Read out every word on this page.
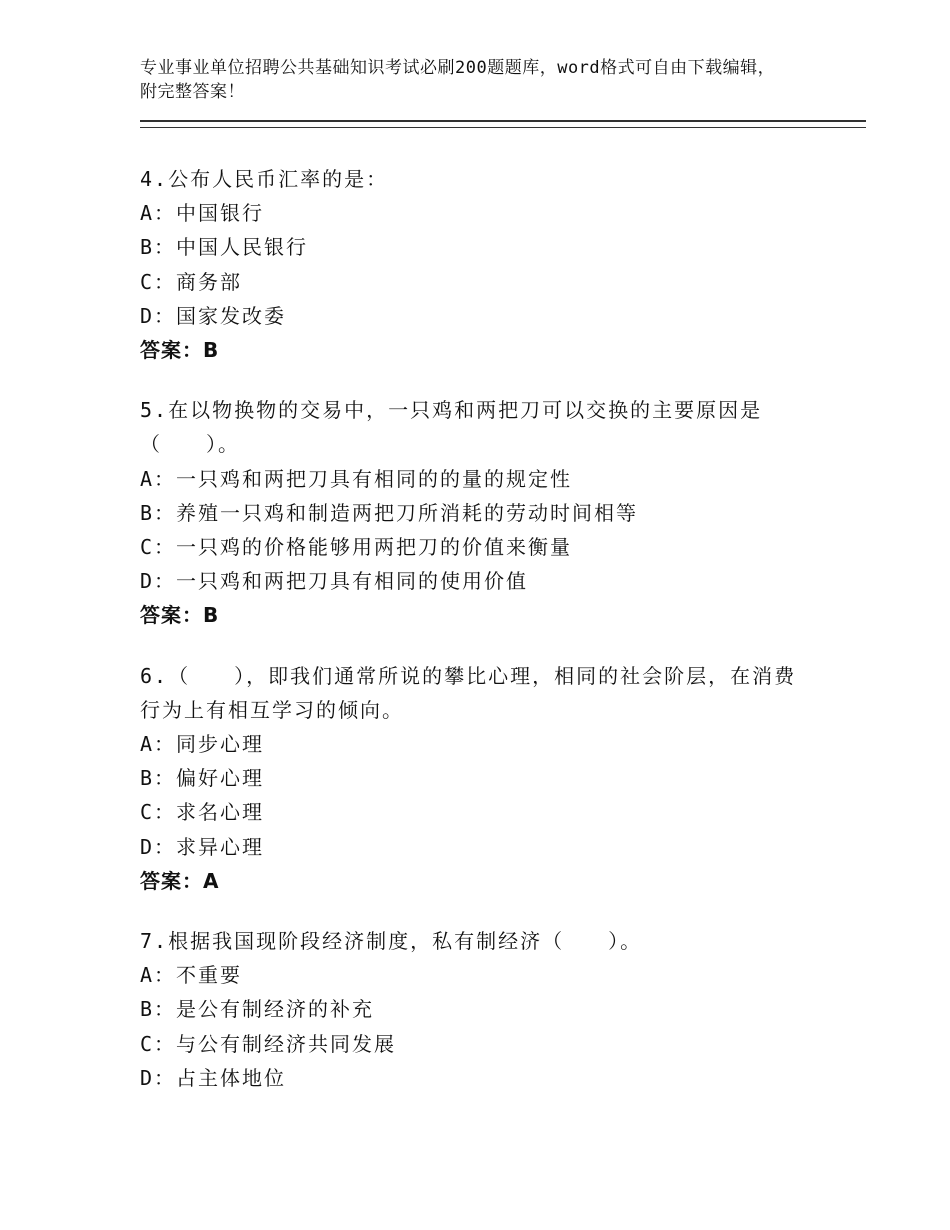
专业事业单位招聘公共基础知识考试必刷200题题库，word格式可自由下载编辑，附完整答案！

4.公布人民币汇率的是：

A：中国银行

B：中国人民银行

C：商务部

D：国家发改委

答案：B

5.在以物换物的交易中，一只鸡和两把刀可以交换的主要原因是（　　）。

A：一只鸡和两把刀具有相同的的量的规定性

B：养殖一只鸡和制造两把刀所消耗的劳动时间相等

C：一只鸡的价格能够用两把刀的价值来衡量

D：一只鸡和两把刀具有相同的使用价值

答案：B

6.（　　），即我们通常所说的攀比心理，相同的社会阶层，在消费行为上有相互学习的倾向。

A：同步心理

B：偏好心理

C：求名心理

D：求异心理

答案：A

7.根据我国现阶段经济制度，私有制经济（　　）。

A：不重要

B：是公有制经济的补充

C：与公有制经济共同发展

D：占主体地位
